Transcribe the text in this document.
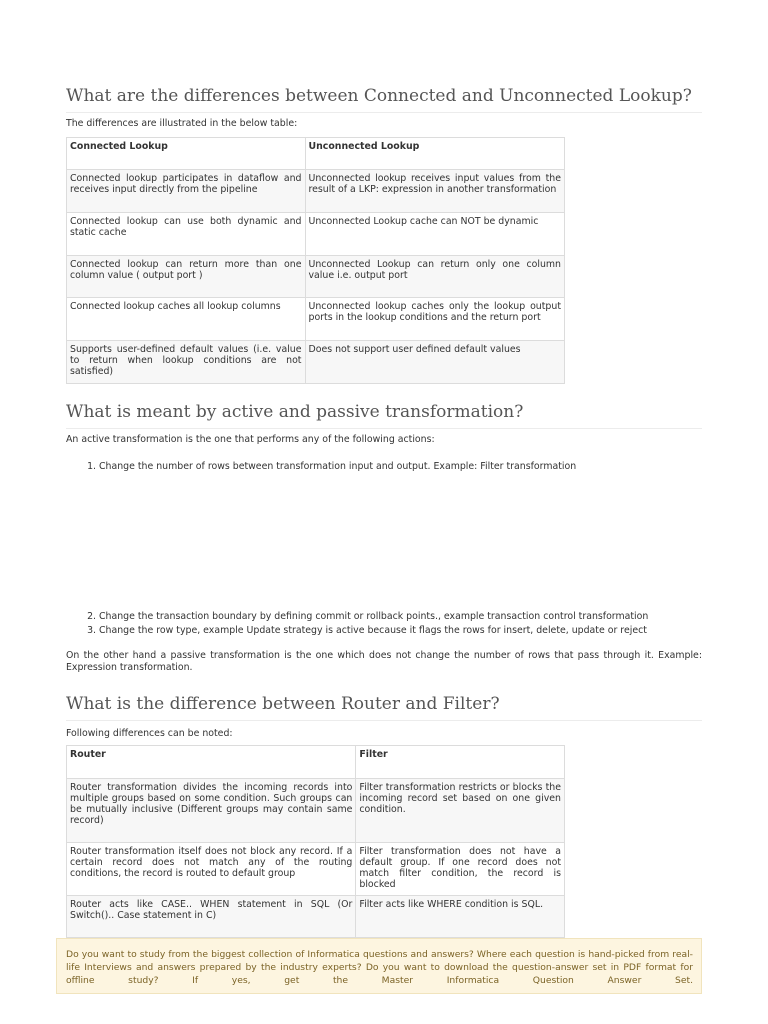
What are the differences between Connected and Unconnected Lookup?

The differences are illustrated in the below table:

Connected Lookup	Unconnected Lookup
Connected lookup participates in dataflow and receives input directly from the pipeline	Unconnected lookup receives input values from the result of a LKP: expression in another transformation
Connected lookup can use both dynamic and static cache	Unconnected Lookup cache can NOT be dynamic
Connected lookup can return more than one column value ( output port )	Unconnected Lookup can return only one column value i.e. output port
Connected lookup caches all lookup columns	Unconnected lookup caches only the lookup output ports in the lookup conditions and the return port
Supports user-defined default values (i.e. value to return when lookup conditions are not satisfied)	Does not support user defined default values
What is meant by active and passive transformation?

An active transformation is the one that performs any of the following actions:

1. Change the number of rows between transformation input and output. Example: Filter transformation
2. Change the transaction boundary by defining commit or rollback points., example transaction control transformation
3. Change the row type, example Update strategy is active because it flags the rows for insert, delete, update or reject

On the other hand a passive transformation is the one which does not change the number of rows that pass through it. Example: Expression transformation.

What is the difference between Router and Filter?

Following differences can be noted:

Router	Filter
Router transformation divides the incoming records into multiple groups based on some condition. Such groups can be mutually inclusive (Different groups may contain same record)	Filter transformation restricts or blocks the incoming record set based on one given condition.
Router transformation itself does not block any record. If a certain record does not match any of the routing conditions, the record is routed to default group	Filter transformation does not have a default group. If one record does not match filter condition, the record is blocked
Router acts like CASE.. WHEN statement in SQL (Or Switch().. Case statement in C)	Filter acts like WHERE condition is SQL.
Do you want to study from the biggest collection of Informatica questions and answers? Where each question is hand-picked from real-life Interviews and answers prepared by the industry experts? Do you want to download the question-answer set in PDF format for offline study? If yes, get the Master Informatica Question Answer Set.
